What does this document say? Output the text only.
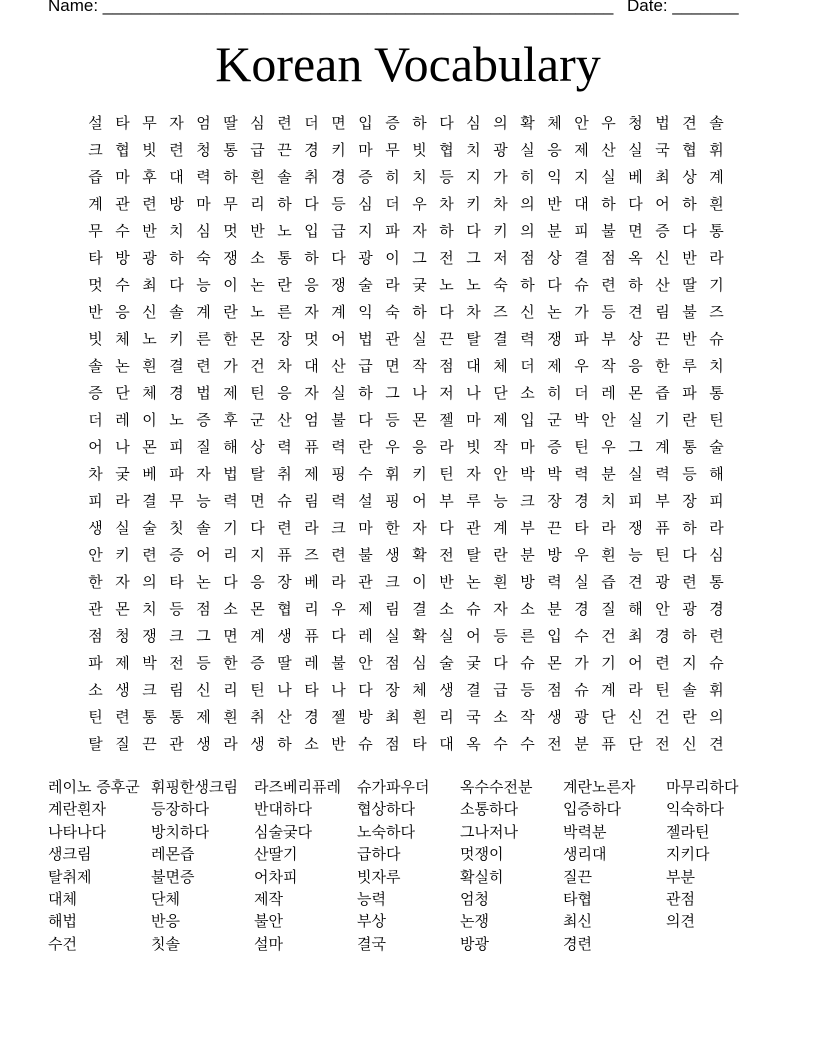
Name: ______________________________________________________ Date: _______
Korean Vocabulary
설 타 무 자 엄 딸 심 련 더 면 입 증 하 다 심 의 확 체 안 우 청 법 견 솔
크 협 빗 련 청 통 급 끈 경 키 마 무 빗 협 치 광 실 응 제 산 실 국 협 휘
즙 마 후 대 력 하 흰 솔 취 경 증 히 치 등 지 가 히 익 지 실 베 최 상 계
계 관 련 방 마 무 리 하 다 등 심 더 우 차 키 차 의 반 대 하 다 어 하 흰
무 수 반 치 심 멋 반 노 입 급 지 파 자 하 다 키 의 분 피 불 면 증 다 통
타 방 광 하 숙 쟁 소 통 하 다 광 이 그 전 그 저 점 상 결 점 옥 신 반 라
멋 수 최 다 능 이 논 란 응 쟁 술 라 궂 노 노 숙 하 다 슈 련 하 산 딸 기
반 응 신 솔 계 란 노 른 자 계 익 숙 하 다 차 즈 신 논 가 등 견 림 불 즈
빗 체 노 키 른 한 몬 장 멋 어 법 관 실 끈 탈 결 력 쟁 파 부 상 끈 반 슈
솔 논 흰 결 련 가 건 차 대 산 급 면 작 점 대 체 더 제 우 작 응 한 루 치
증 단 체 경 법 제 틴 응 자 실 하 그 나 저 나 단 소 히 더 레 몬 즙 파 통
더 레 이 노 증 후 군 산 엄 불 다 등 몬 젤 마 제 입 군 박 안 실 기 란 틴
어 나 몬 피 질 해 상 력 퓨 력 란 우 응 라 빗 작 마 증 틴 우 그 계 통 술
차 궂 베 파 자 법 탈 취 제 핑 수 휘 키 틴 자 안 박 박 력 분 실 력 등 해
피 라 결 무 능 력 면 슈 림 력 설 핑 어 부 루 능 크 장 경 치 피 부 장 피
생 실 술 칫 솔 기 다 련 라 크 마 한 자 다 관 계 부 끈 타 라 쟁 퓨 하 라
안 키 련 증 어 리 지 퓨 즈 련 불 생 확 전 탈 란 분 방 우 흰 능 틴 다 심
한 자 의 타 논 다 응 장 베 라 관 크 이 반 논 흰 방 력 실 즙 견 광 련 통
관 몬 치 등 점 소 몬 협 리 우 제 림 결 소 슈 자 소 분 경 질 해 안 광 경
점 청 쟁 크 그 면 계 생 퓨 다 레 실 확 실 어 등 른 입 수 건 최 경 하 련
파 제 박 전 등 한 증 딸 레 불 안 점 심 술 궂 다 슈 몬 가 기 어 련 지 슈
소 생 크 림 신 리 틴 나 타 나 다 장 체 생 결 급 등 점 슈 계 라 틴 솔 휘
틴 련 통 통 제 흰 취 산 경 젤 방 최 흰 리 국 소 작 생 광 단 신 건 란 의
탈 질 끈 관 생 라 생 하 소 반 슈 점 타 대 옥 수 수 전 분 퓨 단 전 신 견
레이노 증후군 휘핑한생크림	라즈베리퓨레	슈가파우더	옥수수전분	계란노른자	마무리하다
계란흰자	등장하다	반대하다	협상하다	소통하다	입증하다	익숙하다
나타나다	방치하다	심술궂다	노숙하다	그나저나	박력분	젤라틴
생크림	레몬즙	산딸기	급하다	멋쟁이	생리대	지키다
탈취제	불면증	어차피	빗자루	확실히	질끈	부분
대체	단체	제작	능력	엄청	타협	관점
해법	반응	불안	부상	논쟁	최신	의견
수건	칫솔	설마	결국	방광	경련
